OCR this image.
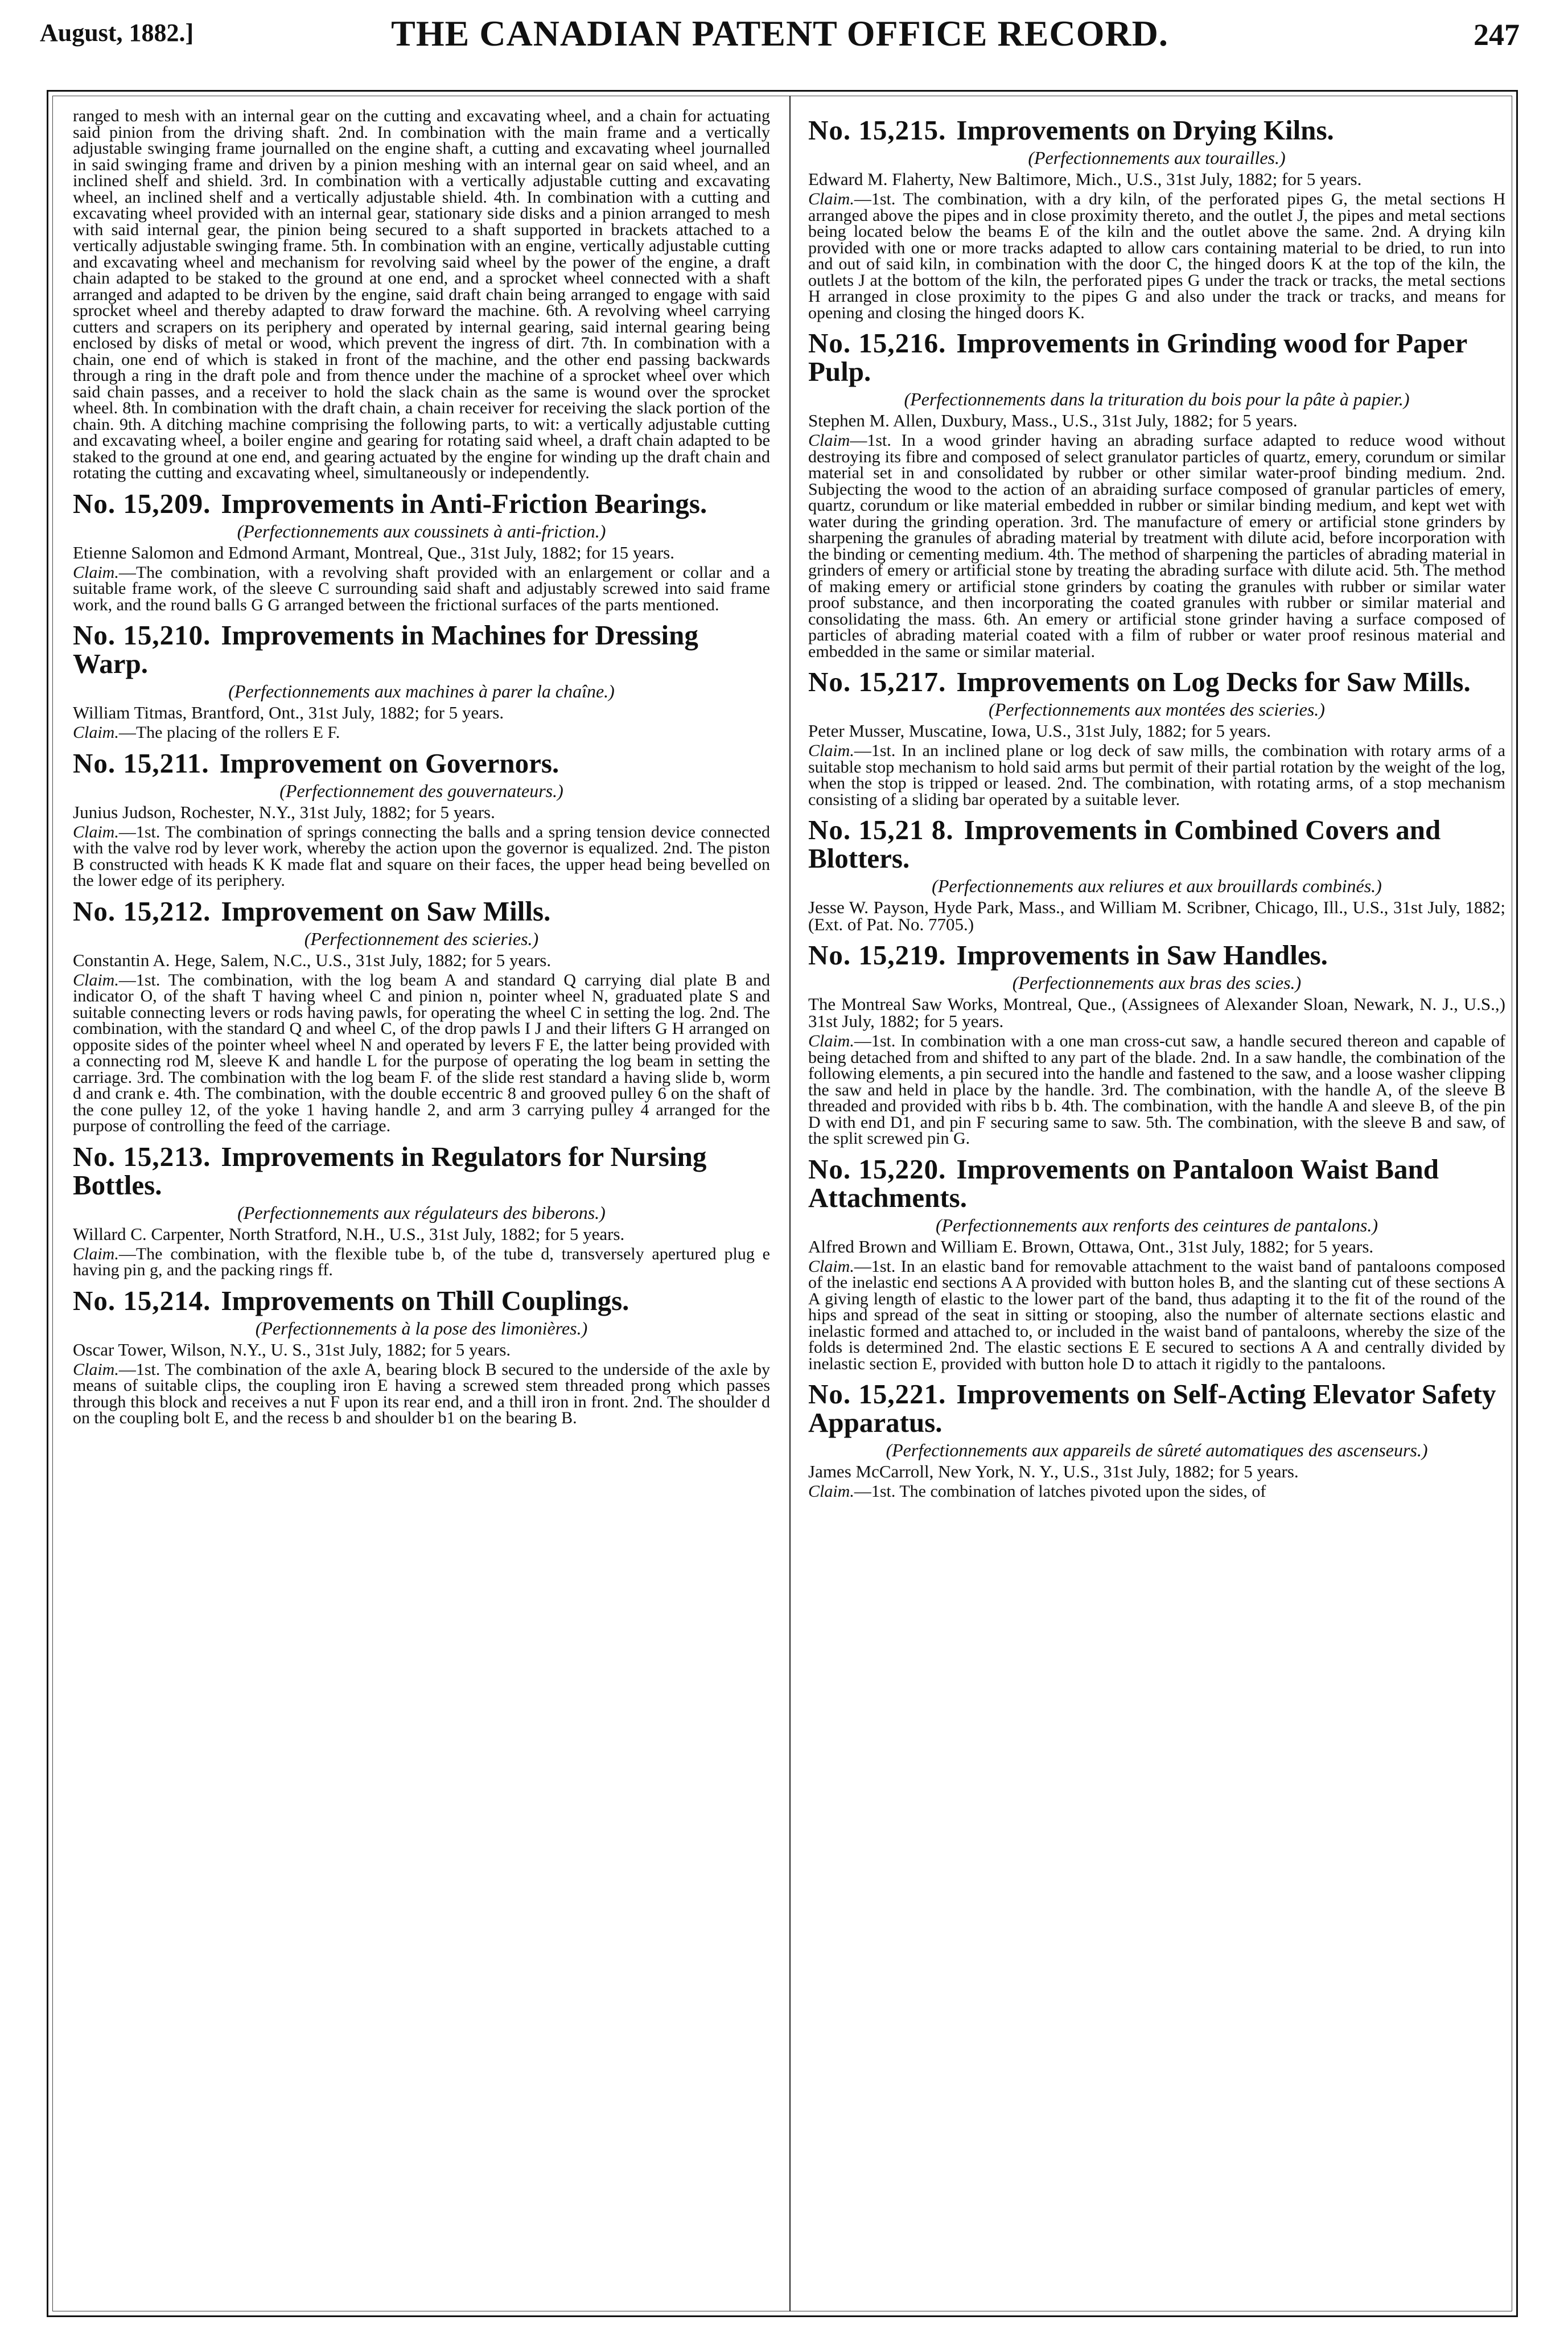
August, 1882.]	THE CANADIAN PATENT OFFICE RECORD.	247

ranged to mesh with an internal gear on the cutting and excavating wheel, and a chain for actuating said pinion from the driving shaft. 2nd. In combination with the main frame and a vertically adjustable swinging frame journalled on the engine shaft, a cutting and excavating wheel journalled in said swinging frame and driven by a pinion meshing with an internal gear on said wheel, and an inclined shelf and shield. 3rd. In combination with a vertically adjustable cutting and excavating wheel, an inclined shelf and a vertically adjustable shield. 4th. In combination with a cutting and excavating wheel provided with an internal gear, stationary side disks and a pinion arranged to mesh with said internal gear, the pinion being secured to a shaft supported in brackets attached to a vertically adjustable swinging frame. 5th. In combination with an engine, vertically adjustable cutting and excavating wheel and mechanism for revolving said wheel by the power of the engine, a draft chain adapted to be staked to the ground at one end, and a sprocket wheel connected with a shaft arranged and adapted to be driven by the engine, said draft chain being arranged to engage with said sprocket wheel and thereby adapted to draw forward the machine. 6th. A revolving wheel carrying cutters and scrapers on its periphery and operated by internal gearing, said internal gearing being enclosed by disks of metal or wood, which prevent the ingress of dirt. 7th. In combination with a chain, one end of which is staked in front of the machine, and the other end passing backwards through a ring in the draft pole and from thence under the machine of a sprocket wheel over which said chain passes, and a receiver to hold the slack chain as the same is wound over the sprocket wheel. 8th. In combination with the draft chain, a chain receiver for receiving the slack portion of the chain. 9th. A ditching machine comprising the following parts, to wit: a vertically adjustable cutting and excavating wheel, a boiler engine and gearing for rotating said wheel, a draft chain adapted to be staked to the ground at one end, and gearing actuated by the engine for winding up the draft chain and rotating the cutting and excavating wheel, simultaneously or independently.

No. 15,209. Improvements in Anti-Friction Bearings.

(Perfectionnements aux coussinets à anti-friction.)

Etienne Salomon and Edmond Armant, Montreal, Que., 31st July, 1882; for 15 years.

Claim.—The combination, with a revolving shaft provided with an enlargement or collar and a suitable frame work, of the sleeve C surrounding said shaft and adjustably screwed into said frame work, and the round balls G G arranged between the frictional surfaces of the parts mentioned.

No. 15,210. Improvements in Machines for Dressing Warp.

(Perfectionnements aux machines à parer la chaîne.)

William Titmas, Brantford, Ont., 31st July, 1882; for 5 years.

Claim.—The placing of the rollers E F.

No. 15,211. Improvement on Governors.

(Perfectionnement des gouvernateurs.)

Junius Judson, Rochester, N.Y., 31st July, 1882; for 5 years.

Claim.—1st. The combination of springs connecting the balls and a spring tension device connected with the valve rod by lever work, whereby the action upon the governor is equalized. 2nd. The piston B constructed with heads K K made flat and square on their faces, the upper head being bevelled on the lower edge of its periphery.

No. 15,212. Improvement on Saw Mills.

(Perfectionnement des scieries.)

Constantin A. Hege, Salem, N.C., U.S., 31st July, 1882; for 5 years.

Claim.—1st. The combination, with the log beam A and standard Q carrying dial plate B and indicator O, of the shaft T having wheel C and pinion n, pointer wheel N, graduated plate S and suitable connecting levers or rods having pawls, for operating the wheel C in setting the log. 2nd. The combination, with the standard Q and wheel C, of the drop pawls I J and their lifters G H arranged on opposite sides of the pointer wheel wheel N and operated by levers F E, the latter being provided with a connecting rod M, sleeve K and handle L for the purpose of operating the log beam in setting the carriage. 3rd. The combination with the log beam F. of the slide rest standard a having slide b, worm d and crank e. 4th. The combination, with the double eccentric 8 and grooved pulley 6 on the shaft of the cone pulley 12, of the yoke 1 having handle 2, and arm 3 carrying pulley 4 arranged for the purpose of controlling the feed of the carriage.

No. 15,213. Improvements in Regulators for Nursing Bottles.

(Perfectionnements aux régulateurs des biberons.)

Willard C. Carpenter, North Stratford, N.H., U.S., 31st July, 1882; for 5 years.

Claim.—The combination, with the flexible tube b, of the tube d, transversely apertured plug e having pin g, and the packing rings ff.

No. 15,214. Improvements on Thill Couplings.

(Perfectionnements à la pose des limonières.)

Oscar Tower, Wilson, N.Y., U. S., 31st July, 1882; for 5 years.

Claim.—1st. The combination of the axle A, bearing block B secured to the underside of the axle by means of suitable clips, the coupling iron E having a screwed stem threaded prong which passes through this block and receives a nut F upon its rear end, and a thill iron in front. 2nd. The shoulder d on the coupling bolt E, and the recess b and shoulder b1 on the bearing B.

No. 15,215. Improvements on Drying Kilns.

(Perfectionnements aux tourailles.)

Edward M. Flaherty, New Baltimore, Mich., U.S., 31st July, 1882; for 5 years.

Claim.—1st. The combination, with a dry kiln, of the perforated pipes G, the metal sections H arranged above the pipes and in close proximity thereto, and the outlet J, the pipes and metal sections being located below the beams E of the kiln and the outlet above the same. 2nd. A drying kiln provided with one or more tracks adapted to allow cars containing material to be dried, to run into and out of said kiln, in combination with the door C, the hinged doors K at the top of the kiln, the outlets J at the bottom of the kiln, the perforated pipes G under the track or tracks, the metal sections H arranged in close proximity to the pipes G and also under the track or tracks, and means for opening and closing the hinged doors K.

No. 15,216. Improvements in Grinding wood for Paper Pulp.

(Perfectionnements dans la trituration du bois pour la pâte à papier.)

Stephen M. Allen, Duxbury, Mass., U.S., 31st July, 1882; for 5 years.

Claim—1st. In a wood grinder having an abrading surface adapted to reduce wood without destroying its fibre and composed of select granulator particles of quartz, emery, corundum or similar material set in and consolidated by rubber or other similar water-proof binding medium. 2nd. Subjecting the wood to the action of an abraiding surface composed of granular particles of emery, quartz, corundum or like material embedded in rubber or similar binding medium, and kept wet with water during the grinding operation. 3rd. The manufacture of emery or artificial stone grinders by sharpening the granules of abrading material by treatment with dilute acid, before incorporation with the binding or cementing medium. 4th. The method of sharpening the particles of abrading material in grinders of emery or artificial stone by treating the abrading surface with dilute acid. 5th. The method of making emery or artificial stone grinders by coating the granules with rubber or similar water proof substance, and then incorporating the coated granules with rubber or similar material and consolidating the mass. 6th. An emery or artificial stone grinder having a surface composed of particles of abrading material coated with a film of rubber or water proof resinous material and embedded in the same or similar material.

No. 15,217. Improvements on Log Decks for Saw Mills.

(Perfectionnements aux montées des scieries.)

Peter Musser, Muscatine, Iowa, U.S., 31st July, 1882; for 5 years.

Claim.—1st. In an inclined plane or log deck of saw mills, the combination with rotary arms of a suitable stop mechanism to hold said arms but permit of their partial rotation by the weight of the log, when the stop is tripped or leased. 2nd. The combination, with rotating arms, of a stop mechanism consisting of a sliding bar operated by a suitable lever.

No. 15,21 8. Improvements in Combined Covers and Blotters.

(Perfectionnements aux reliures et aux brouillards combinés.)

Jesse W. Payson, Hyde Park, Mass., and William M. Scribner, Chicago, Ill., U.S., 31st July, 1882; (Ext. of Pat. No. 7705.)

No. 15,219. Improvements in Saw Handles.

(Perfectionnements aux bras des scies.)

The Montreal Saw Works, Montreal, Que., (Assignees of Alexander Sloan, Newark, N. J., U.S.,) 31st July, 1882; for 5 years.

Claim.—1st. In combination with a one man cross-cut saw, a handle secured thereon and capable of being detached from and shifted to any part of the blade. 2nd. In a saw handle, the combination of the following elements, a pin secured into the handle and fastened to the saw, and a loose washer clipping the saw and held in place by the handle. 3rd. The combination, with the handle A, of the sleeve B threaded and provided with ribs b b. 4th. The combination, with the handle A and sleeve B, of the pin D with end D1, and pin F securing same to saw. 5th. The combination, with the sleeve B and saw, of the split screwed pin G.

No. 15,220. Improvements on Pantaloon Waist Band Attachments.

(Perfectionnements aux renforts des ceintures de pantalons.)

Alfred Brown and William E. Brown, Ottawa, Ont., 31st July, 1882; for 5 years.

Claim.—1st. In an elastic band for removable attachment to the waist band of pantaloons composed of the inelastic end sections A A provided with button holes B, and the slanting cut of these sections A A giving length of elastic to the lower part of the band, thus adapting it to the fit of the round of the hips and spread of the seat in sitting or stooping, also the number of alternate sections elastic and inelastic formed and attached to, or included in the waist band of pantaloons, whereby the size of the folds is determined 2nd. The elastic sections E E secured to sections A A and centrally divided by inelastic section E, provided with button hole D to attach it rigidly to the pantaloons.

No. 15,221. Improvements on Self-Acting Elevator Safety Apparatus.

(Perfectionnements aux appareils de sûreté automatiques des ascenseurs.)

James McCarroll, New York, N. Y., U.S., 31st July, 1882; for 5 years.

Claim.—1st. The combination of latches pivoted upon the sides, of
